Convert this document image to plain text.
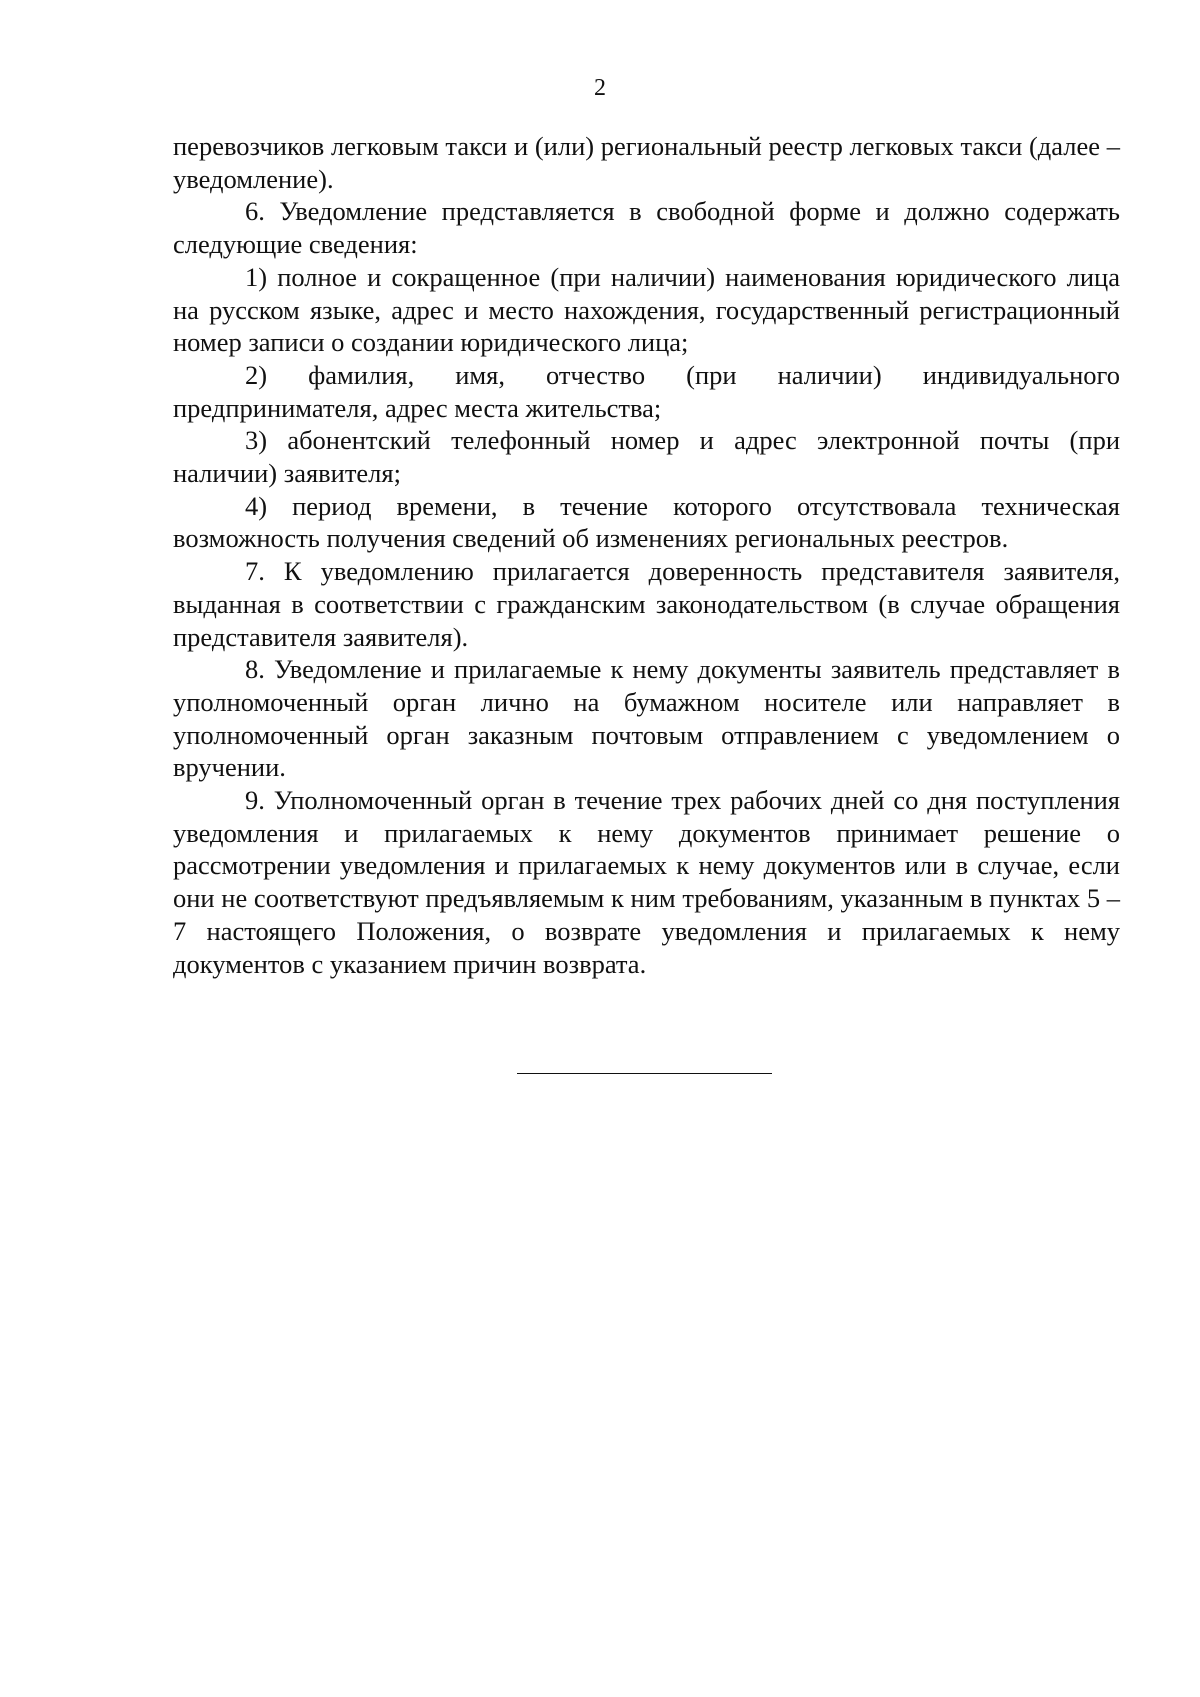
2

перевозчиков легковым такси и (или) региональный реестр легковых такси (далее – уведомление).

6. Уведомление представляется в свободной форме и должно содержать следующие сведения:

1) полное и сокращенное (при наличии) наименования юридического лица на русском языке, адрес и место нахождения, государственный регистрационный номер записи о создании юридического лица;

2) фамилия, имя, отчество (при наличии) индивидуального предпринимателя, адрес места жительства;

3) абонентский телефонный номер и адрес электронной почты (при наличии) заявителя;

4) период времени, в течение которого отсутствовала техническая возможность получения сведений об изменениях региональных реестров.

7. К уведомлению прилагается доверенность представителя заявителя, выданная в соответствии с гражданским законодательством (в случае обращения представителя заявителя).

8. Уведомление и прилагаемые к нему документы заявитель представляет в уполномоченный орган лично на бумажном носителе или направляет в уполномоченный орган заказным почтовым отправлением с уведомлением о вручении.

9. Уполномоченный орган в течение трех рабочих дней со дня поступления уведомления и прилагаемых к нему документов принимает решение о рассмотрении уведомления и прилагаемых к нему документов или в случае, если они не соответствуют предъявляемым к ним требованиям, указанным в пунктах 5 – 7 настоящего Положения, о возврате уведомления и прилагаемых к нему документов с указанием причин возврата.
